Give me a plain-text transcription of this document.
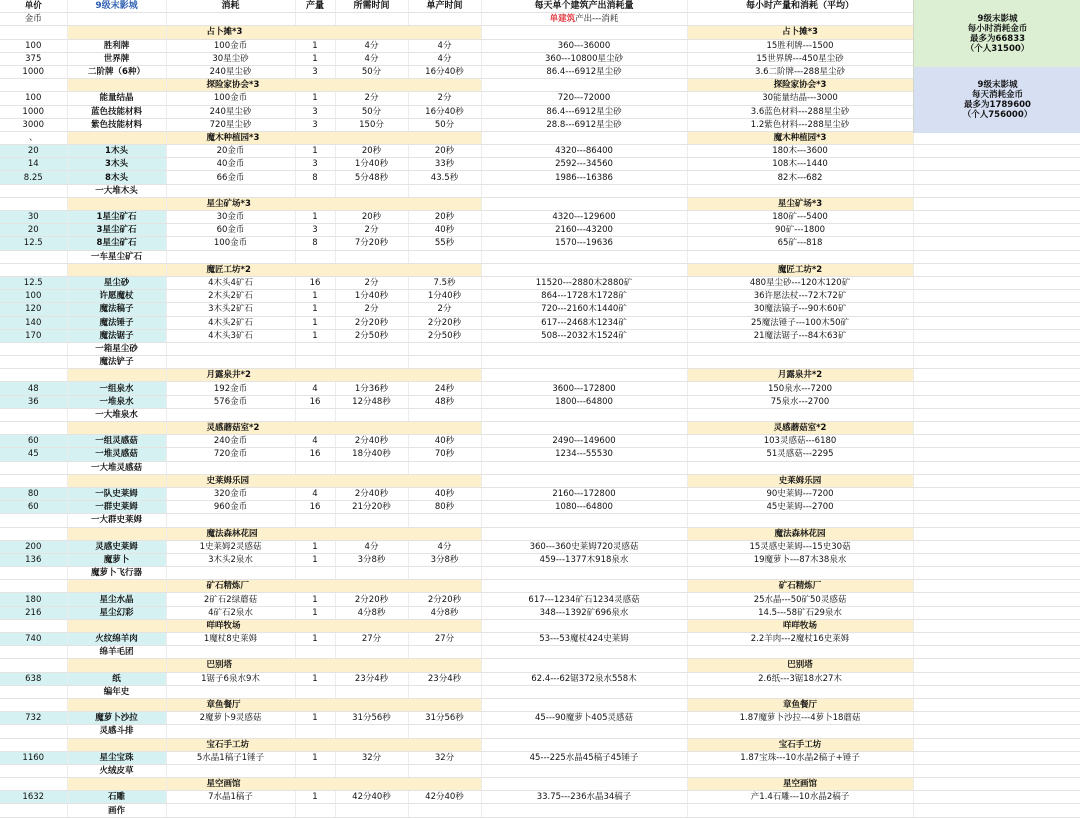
单价	9级末影城	消耗	产量	所需时间	单产时间	每天单个建筑产出消耗量	每小时产量和消耗（平均）	
金币						单建筑产出---消耗		
		占卜摊*3					占卜摊*3	
100	胜利牌	100金币	1	4分	4分	360---36000	15胜利牌---1500	
375	世界牌	30星尘砂	1	4分	4分	360---10800星尘砂	15世界牌---450星尘砂	
1000	二阶牌（6种）	240星尘砂	3	50分	16分40秒	86.4---6912星尘砂	3.6二阶牌---288星尘砂	
		探险家协会*3					探险家协会*3	
100	能量结晶	100金币	1	2分	2分	720---72000	30能量结晶---3000	
1000	蓝色技能材料	240星尘砂	3	50分	16分40秒	86.4---6912星尘砂	3.6蓝色材料---288星尘砂	
3000	紫色技能材料	720星尘砂	3	150分	50分	28.8---6912星尘砂	1.2紫色材料---288星尘砂	
、		魔木种植园*3					魔木种植园*3	
20	1木头	20金币	1	20秒	20秒	4320---86400	180木---3600	
14	3木头	40金币	3	1分40秒	33秒	2592---34560	108木---1440	
8.25	8木头	66金币	8	5分48秒	43.5秒	1986---16386	82木---682	
	一大堆木头							
		星尘矿场*3					星尘矿场*3	
30	1星尘矿石	30金币	1	20秒	20秒	4320---129600	180矿---5400	
20	3星尘矿石	60金币	3	2分	40秒	2160---43200	90矿---1800	
12.5	8星尘矿石	100金币	8	7分20秒	55秒	1570---19636	65矿---818	
	一车星尘矿石							
		魔匠工坊*2					魔匠工坊*2	
12.5	星尘砂	4木头4矿石	16	2分	7.5秒	11520---2880木2880矿	480星尘砂---120木120矿	
100	许愿魔杖	2木头2矿石	1	1分40秒	1分40秒	864---1728木1728矿	36许愿法杖---72木72矿	
120	魔法稿子	3木头2矿石	1	2分	2分	720---2160木1440矿	30魔法镐子---90木60矿	
140	魔法锤子	4木头2矿石	1	2分20秒	2分20秒	617---2468木1234矿	25魔法锤子---100木50矿	
170	魔法锯子	4木头3矿石	1	2分50秒	2分50秒	508---2032木1524矿	21魔法锯子---84木63矿	
	一箱星尘砂							
	魔法铲子							
		月露泉井*2					月露泉井*2	
48	一组泉水	192金币	4	1分36秒	24秒	3600---172800	150泉水---7200	
36	一堆泉水	576金币	16	12分48秒	48秒	1800---64800	75泉水---2700	
	一大堆泉水							
		灵感蘑菇室*2					灵感蘑菇室*2	
60	一组灵感菇	240金币	4	2分40秒	40秒	2490---149600	103灵感菇---6180	
45	一堆灵感菇	720金币	16	18分40秒	70秒	1234---55530	51灵感菇---2295	
	一大堆灵感菇							
		史莱姆乐园					史莱姆乐园	
80	一队史莱姆	320金币	4	2分40秒	40秒	2160---172800	90史莱姆---7200	
60	一群史莱姆	960金币	16	21分20秒	80秒	1080---64800	45史莱姆---2700	
	一大群史莱姆							
		魔法森林花园					魔法森林花园	
200	灵感史莱姆	1史莱姆2灵感菇	1	4分	4分	360---360史莱姆720灵感菇	15灵感史莱姆---15史30菇	
136	魔萝卜	3木头2泉水	1	3分8秒	3分8秒	459---1377木918泉水	19魔萝卜---87木38泉水	
	魔萝卜飞行器							
		矿石精炼厂					矿石精炼厂	
180	星尘水晶	2矿石2绿蘑菇	1	2分20秒	2分20秒	617---1234矿石1234灵感菇	25水晶---50矿50灵感菇	
216	星尘幻彩	4矿石2泉水	1	4分8秒	4分8秒	348---1392矿696泉水	14.5---58矿石29泉水	
		咩咩牧场					咩咩牧场	
740	火纹绵羊肉	1魔杖8史莱姆	1	27分	27分	53---53魔杖424史莱姆	2.2羊肉---2魔杖16史莱姆	
	绵羊毛团							
		巴别塔					巴别塔	
638	纸	1锯子6泉水9木	1	23分4秒	23分4秒	62.4---62锯372泉水558木	2.6纸---3锯18水27木	
	编年史							
		章鱼餐厅					章鱼餐厅	
732	魔萝卜沙拉	2魔萝卜9灵感菇	1	31分56秒	31分56秒	45---90魔萝卜405灵感菇	1.87魔萝卜沙拉---4萝卜18蘑菇	
	灵感斗排							
		宝石手工坊					宝石手工坊	
1160	星尘宝珠	5水晶1稿子1锤子	1	32分	32分	45---225水晶45稿子45锤子	1.87宝珠---10水晶2稿子+锤子	
	火绒皮草							
		星空画馆					星空画馆	
1632	石雕	7水晶1稿子	1	42分40秒	42分40秒	33.75---236水晶34稿子	产1.4石雕---10水晶2稿子	
	画作							
9级末影城
每小时消耗金币
最多为66833
（个人31500）
9级末影城
每天消耗金币
最多为1789600
（个人756000）
